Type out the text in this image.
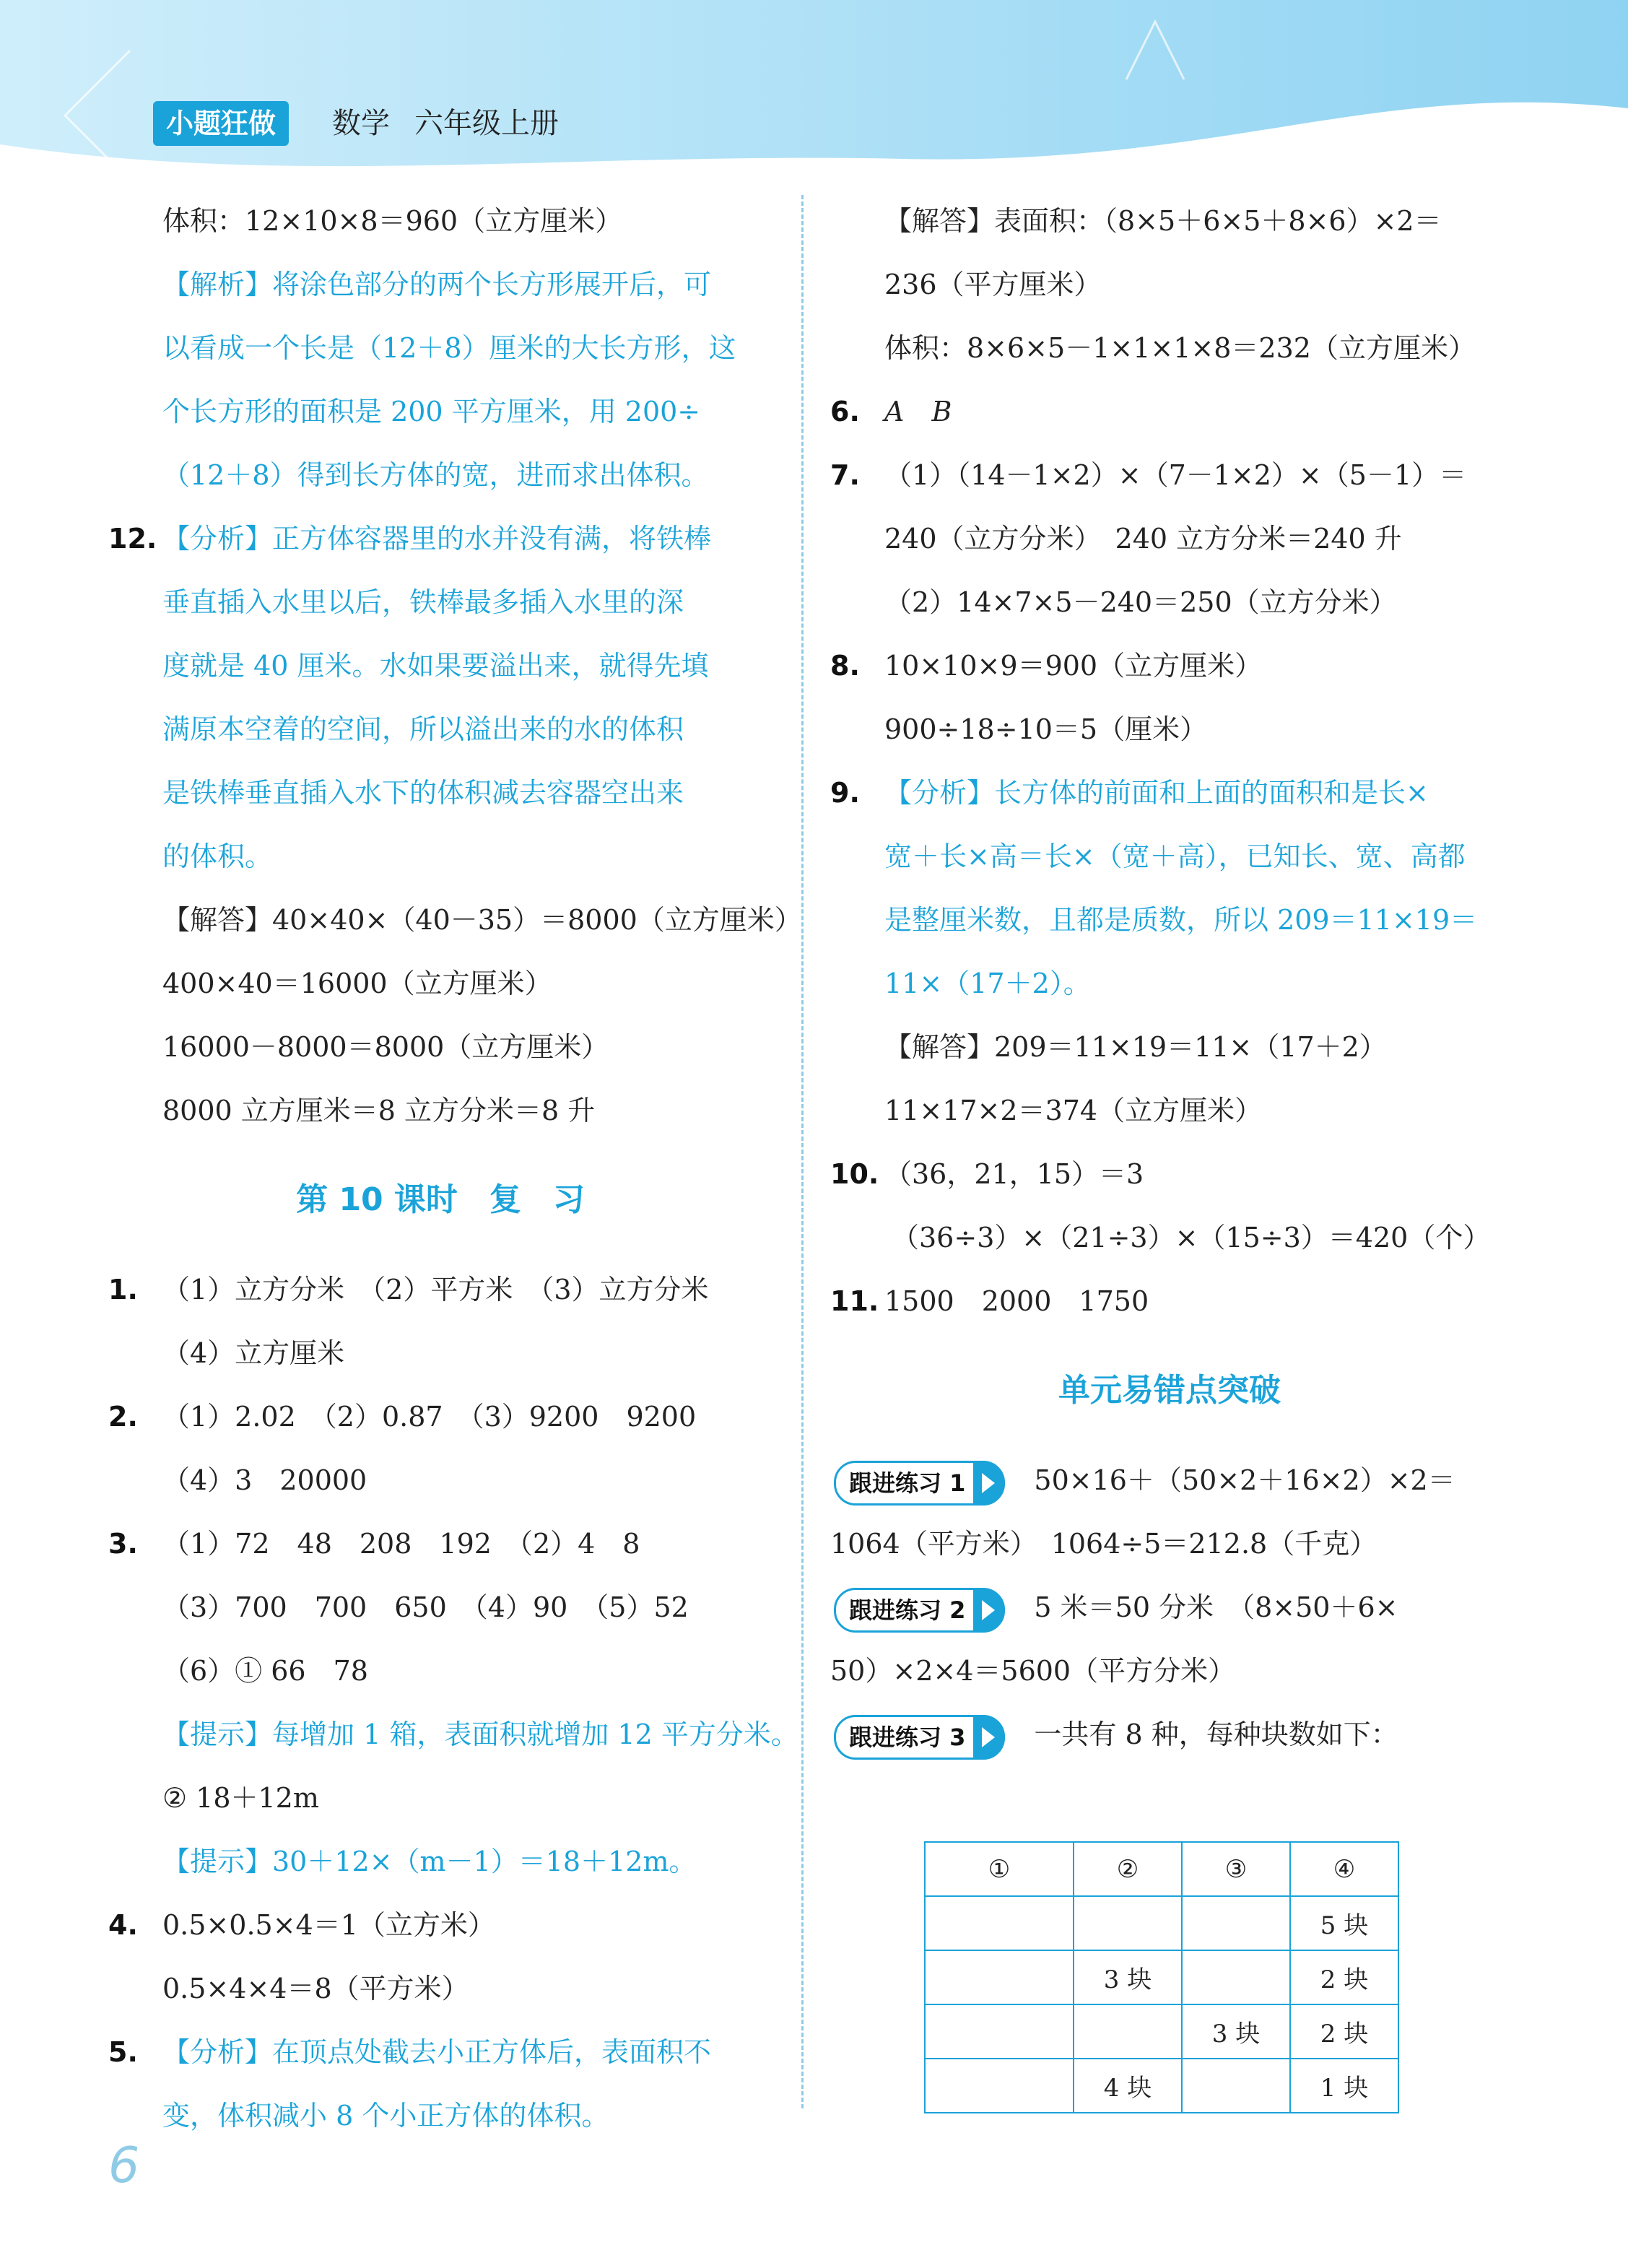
小题狂做	数学 六年级上册
体积：12×10×8＝960（立方厘米）
【解析】将涂色部分的两个长方形展开后，可
以看成一个长是（12＋8）厘米的大长方形，这
个长方形的面积是 200 平方厘米，用 200÷
（12＋8）得到长方体的宽，进而求出体积。
12. 【分析】正方体容器里的水并没有满，将铁棒
垂直插入水里以后，铁棒最多插入水里的深
度就是 40 厘米。水如果要溢出来，就得先填
满原本空着的空间，所以溢出来的水的体积
是铁棒垂直插入水下的体积减去容器空出来
的体积。
【解答】40×40×（40－35）＝8000（立方厘米）
400×40＝16000（立方厘米）
16000－8000＝8000（立方厘米）
8000 立方厘米＝8 立方分米＝8 升
第 10 课时　复　习
1. （1）立方分米　（2）平方米　（3）立方分米
（4）立方厘米
2. （1）2.02　（2）0.87　（3）9200　9200
（4）3　20000
3. （1）72　48　208　192　（2）4　8
（3）700　700　650　（4）90　（5）52
（6）① 66　78
【提示】每增加 1 箱，表面积就增加 12 平方分米。
② 18＋12m
【提示】30＋12×（m－1）＝18＋12m。
4. 0.5×0.5×4＝1（立方米）
0.5×4×4＝8（平方米）
5. 【分析】在顶点处截去小正方体后，表面积不
变，体积减小 8 个小正方体的体积。
【解答】表面积：（8×5＋6×5＋8×6）×2＝
236（平方厘米）
体积：8×6×5－1×1×1×8＝232（立方厘米）
6. A　B
7. （1）（14－1×2）×（7－1×2）×（5－1）＝
240（立方分米）　240 立方分米＝240 升
（2）14×7×5－240＝250（立方分米）
8. 10×10×9＝900（立方厘米）
900÷18÷10＝5（厘米）
9. 【分析】长方体的前面和上面的面积和是长×
宽＋长×高＝长×（宽＋高），已知长、宽、高都
是整厘米数，且都是质数，所以 209＝11×19＝
11×（17＋2）。
【解答】209＝11×19＝11×（17＋2）
11×17×2＝374（立方厘米）
10. （36，21，15）＝3
（36÷3）×（21÷3）×（15÷3）＝420（个）
11. 1500　2000　1750
单元易错点突破
跟进练习 1	50×16＋（50×2＋16×2）×2＝
1064（平方米）　1064÷5＝212.8（千克）
跟进练习 2	5 米＝50 分米　（8×50＋6×
50）×2×4＝5600（平方分米）
跟进练习 3	一共有 8 种，每种块数如下：
①	②	③	④
			5 块
	3 块		2 块
		3 块	2 块
	4 块		1 块
6
